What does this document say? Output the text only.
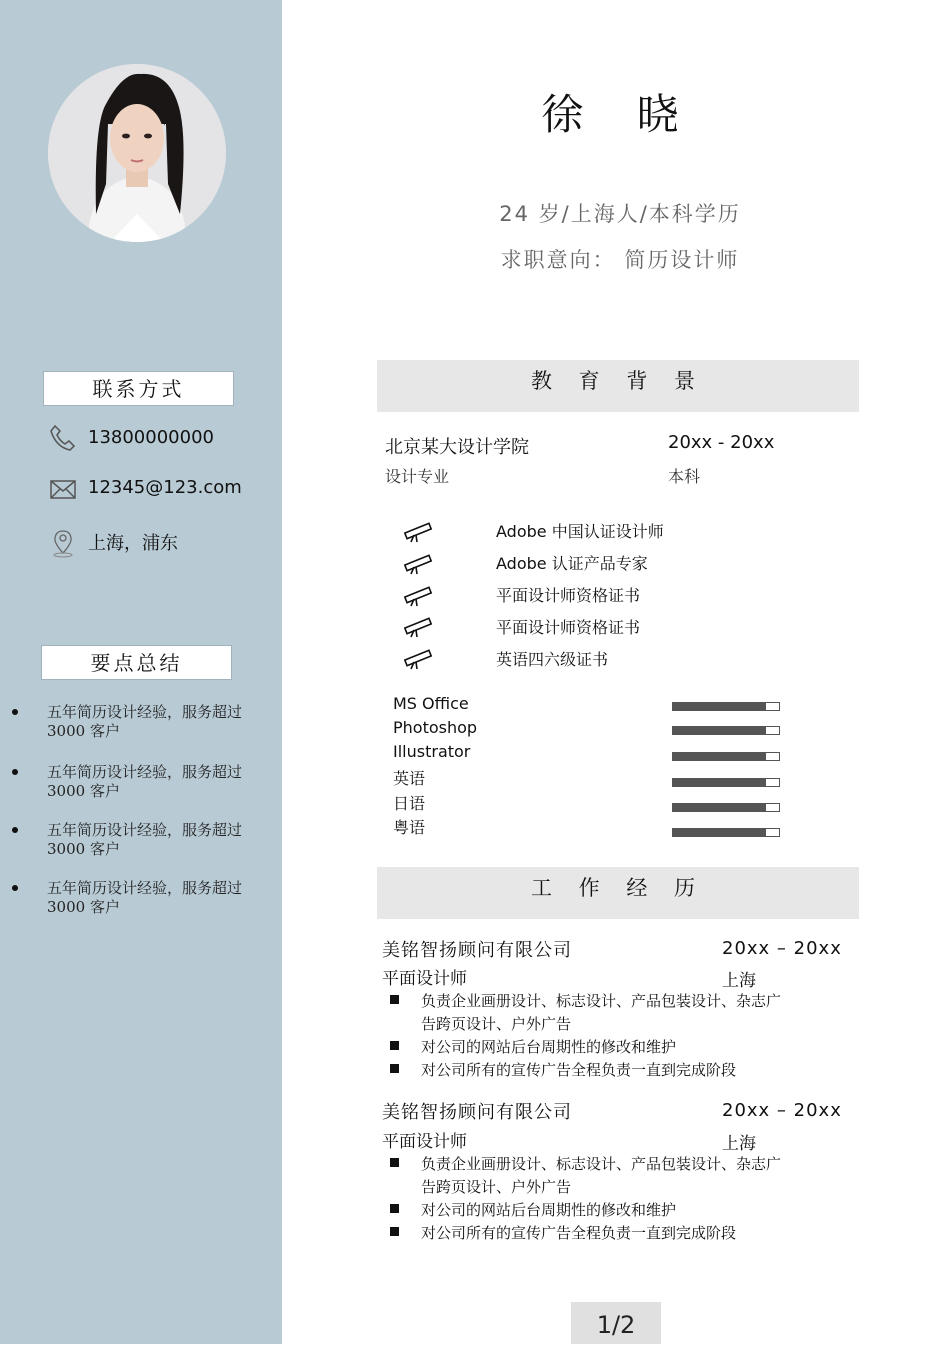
联系方式
13800000000
12345@123.com
上海，浦东
要点总结
五年简历设计经验，服务超过 3000 客户
五年简历设计经验，服务超过 3000 客户
五年简历设计经验，服务超过 3000 客户
五年简历设计经验，服务超过 3000 客户
徐 晓
24 岁/上海人/本科学历
求职意向： 简历设计师
教 育 背 景
北京某大设计学院	20xx - 20xx
设计专业	本科
Adobe 中国认证设计师
Adobe 认证产品专家
平面设计师资格证书
平面设计师资格证书
英语四六级证书
MS Office
Photoshop
Illustrator
英语
日语
粤语
工 作 经 历
美铭智扬顾问有限公司	20xx – 20xx
平面设计师	上海
负责企业画册设计、标志设计、产品包装设计、杂志广
告跨页设计、户外广告
对公司的网站后台周期性的修改和维护
对公司所有的宣传广告全程负责一直到完成阶段
美铭智扬顾问有限公司	20xx – 20xx
平面设计师	上海
负责企业画册设计、标志设计、产品包装设计、杂志广
告跨页设计、户外广告
对公司的网站后台周期性的修改和维护
对公司所有的宣传广告全程负责一直到完成阶段
1/2
